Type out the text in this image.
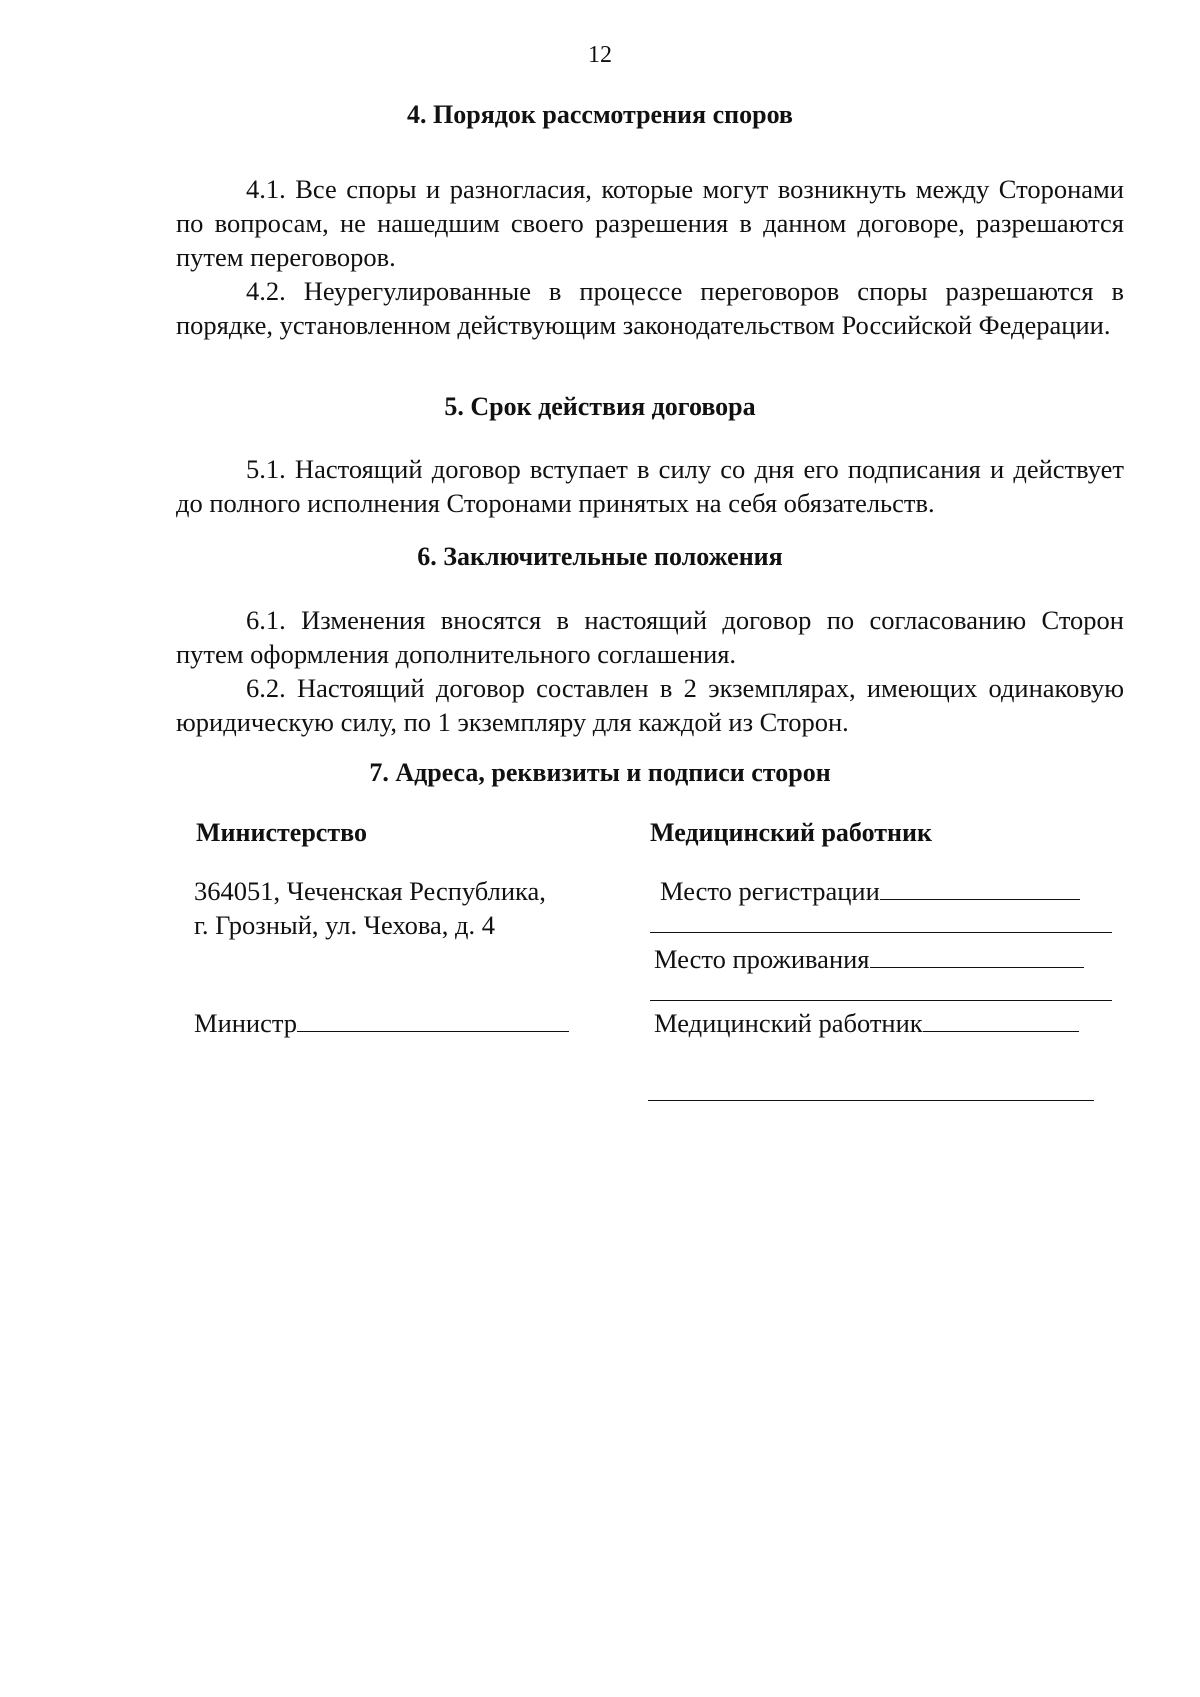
12
4. Порядок рассмотрения споров
4.1. Все споры и разногласия, которые могут возникнуть между Сторонами по вопросам, не нашедшим своего разрешения в данном договоре, разрешаются путем переговоров.
4.2. Неурегулированные в процессе переговоров споры разрешаются в порядке, установленном действующим законодательством Российской Федерации.
5. Срок действия договора
5.1. Настоящий договор вступает в силу со дня его подписания и действует до полного исполнения Сторонами принятых на себя обязательств.
6. Заключительные положения
6.1. Изменения вносятся в настоящий договор по согласованию Сторон путем оформления дополнительного соглашения.
6.2. Настоящий договор составлен в 2 экземплярах, имеющих одинаковую юридическую силу, по 1 экземпляру для каждой из Сторон.
7. Адреса, реквизиты и подписи сторон
Министерство
364051, Чеченская Республика,
г. Грозный, ул. Чехова, д. 4
Министр
Медицинский работник
Место регистрации
Место проживания
Медицинский работник
